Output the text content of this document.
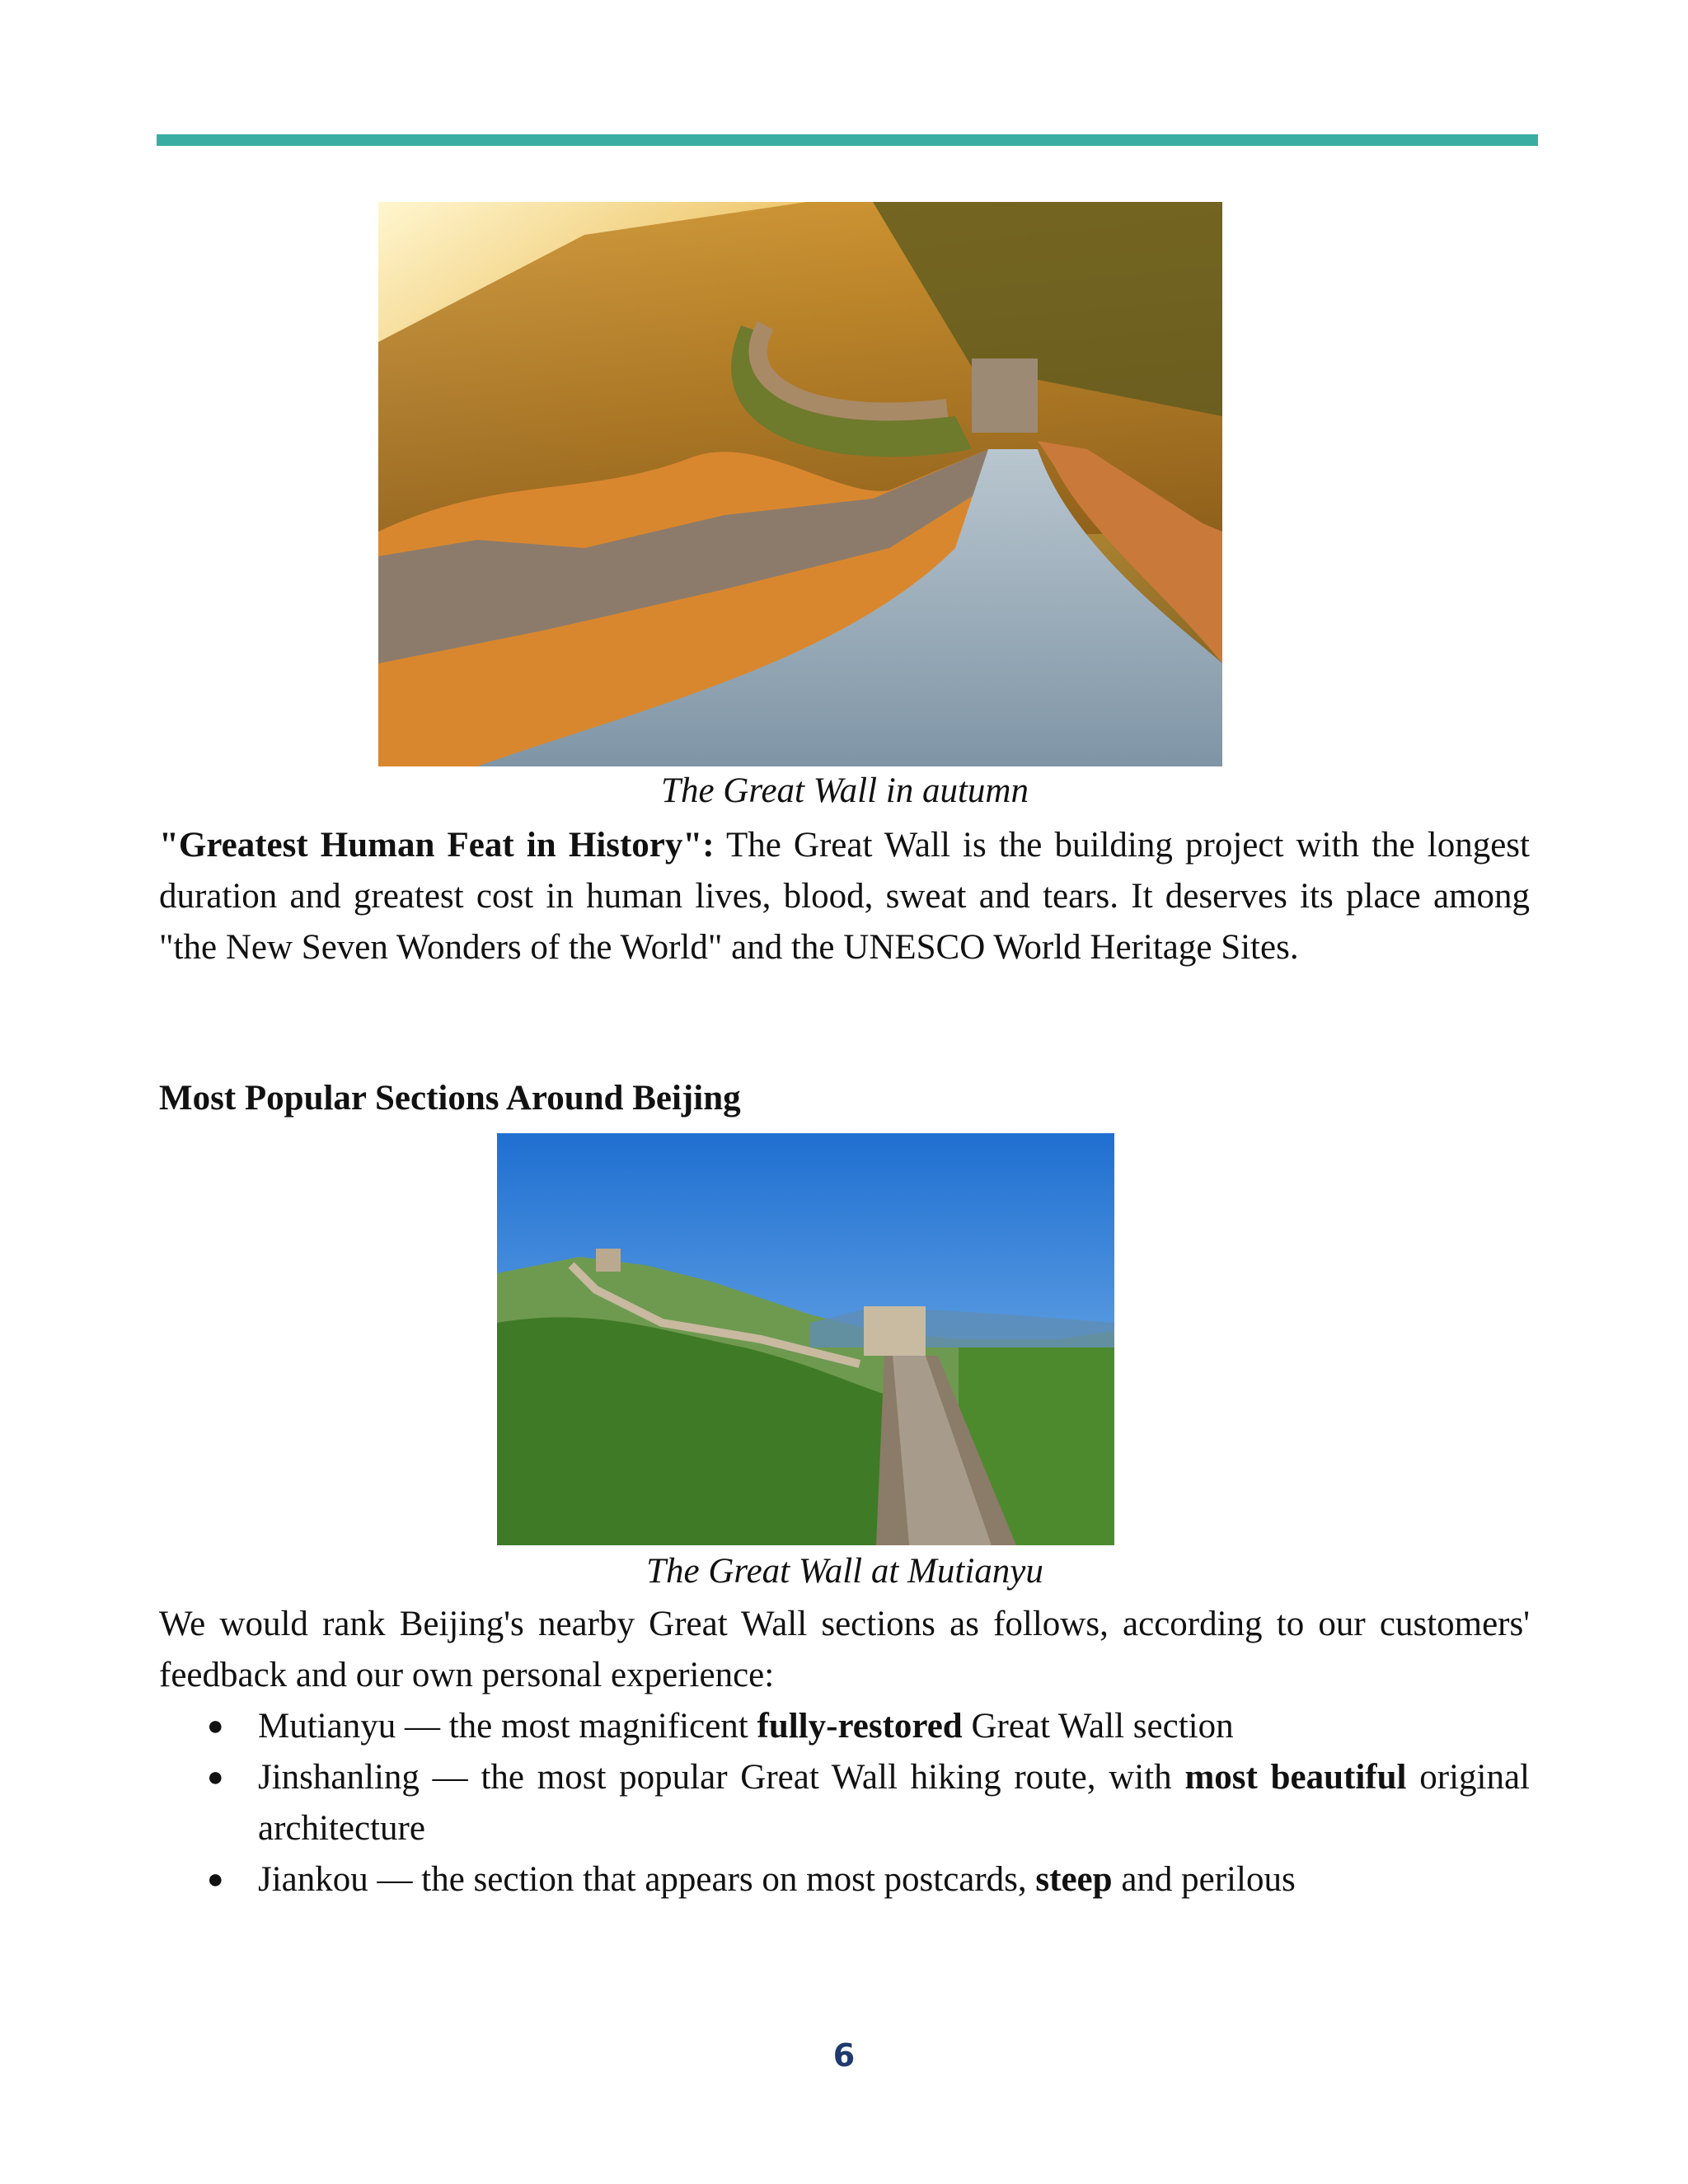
The Great Wall in autumn

"Greatest Human Feat in History": The Great Wall is the building project with the longest duration and greatest cost in human lives, blood, sweat and tears. It deserves its place among "the New Seven Wonders of the World" and the UNESCO World Heritage Sites.

Most Popular Sections Around Beijing

The Great Wall at Mutianyu

We would rank Beijing's nearby Great Wall sections as follows, according to our customers' feedback and our own personal experience:

● Mutianyu — the most magnificent fully-restored Great Wall section
● Jinshanling — the most popular Great Wall hiking route, with most beautiful original architecture
● Jiankou — the section that appears on most postcards, steep and perilous
6
